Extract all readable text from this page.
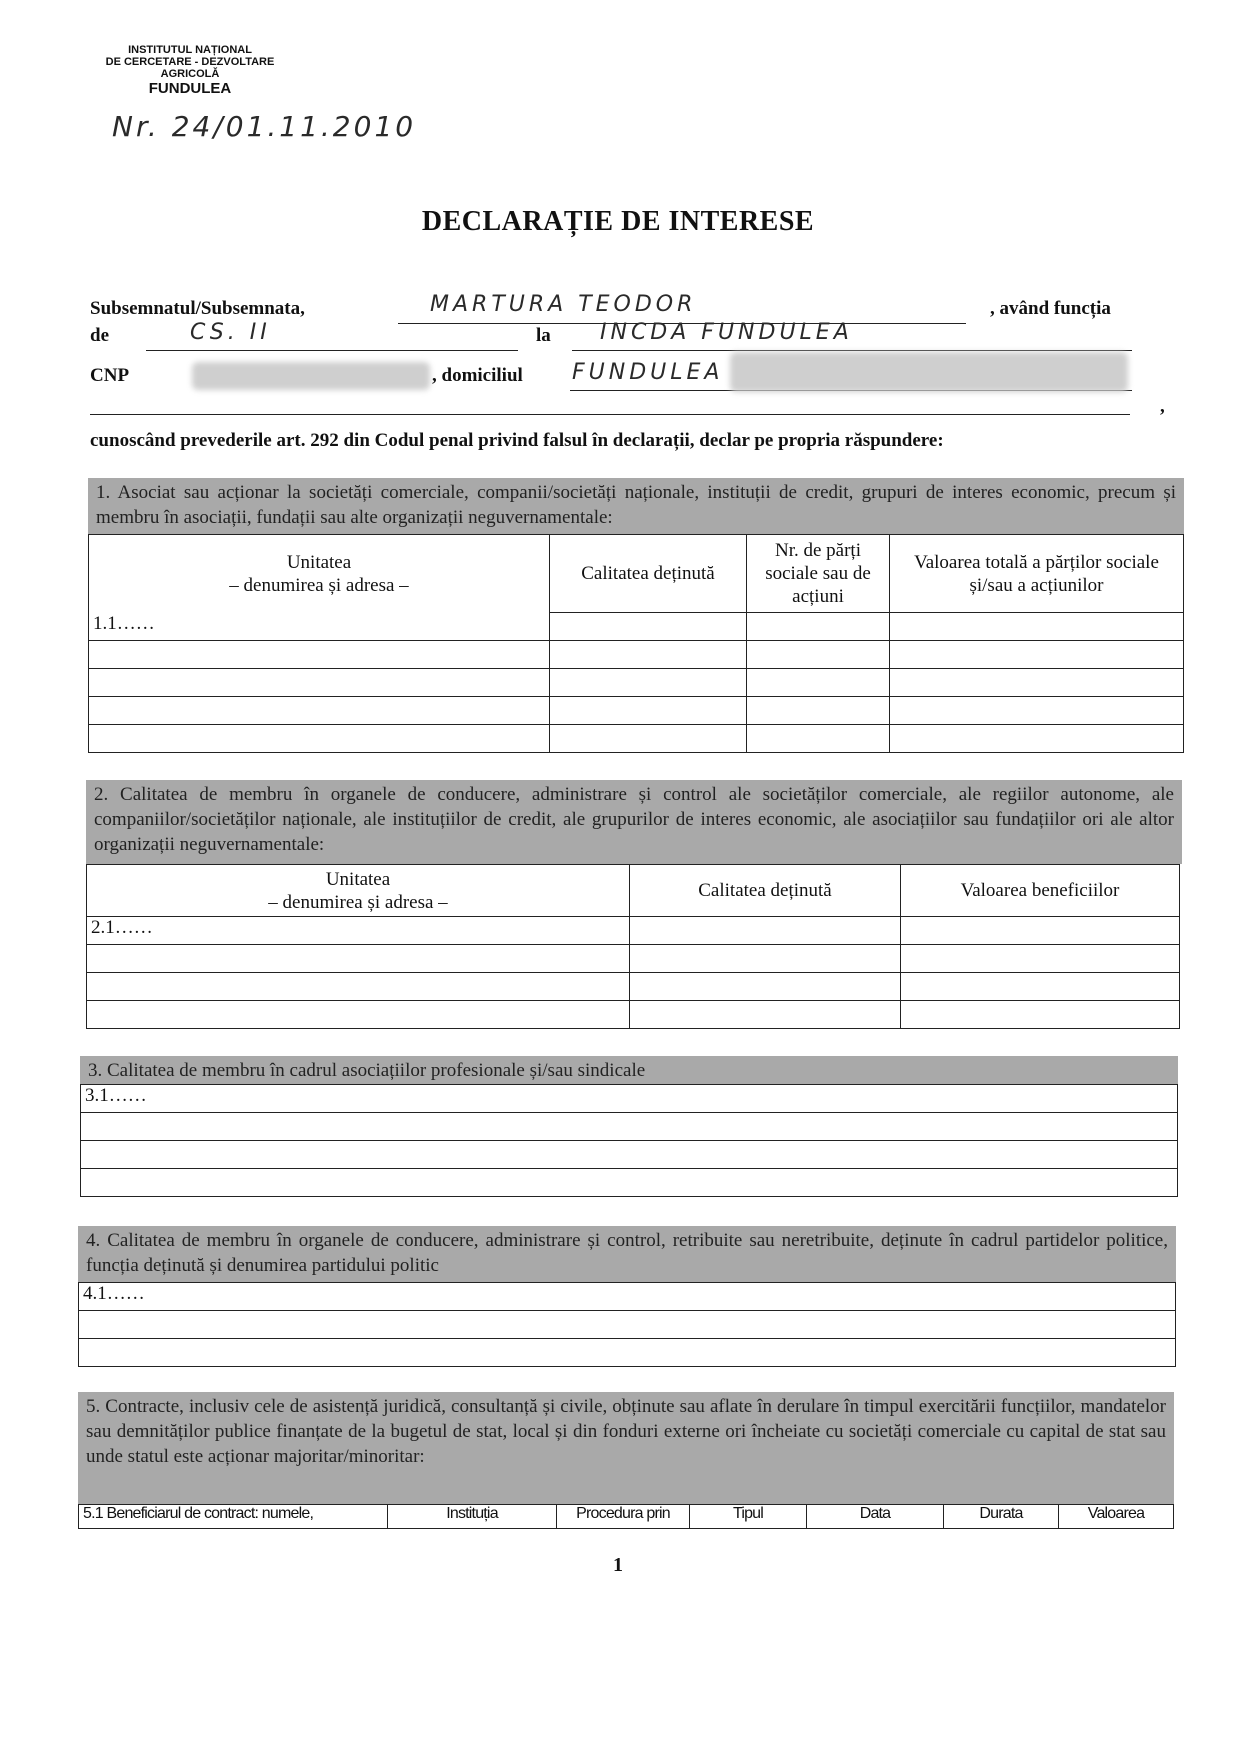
INSTITUTUL NAȚIONAL
DE CERCETARE - DEZVOLTARE
AGRICOLĂ
FUNDULEA
Nr. 24/01.11.2010
DECLARAȚIE DE INTERESE
Subsemnatul/Subsemnata,	MARTURA TEODOR	, având funcția
de	CS. II	la INCDA FUNDULEA
CNP	, domiciliul FUNDULEA
,
cunoscând prevederile art. 292 din Codul penal privind falsul în declarații, declar pe propria răspundere:
1. Asociat sau acționar la societăți comerciale, companii/societăți naționale, instituții de credit, grupuri de interes economic, precum și membru în asociații, fundații sau alte organizații neguvernamentale:
Unitatea
– denumirea și adresa –	Calitatea deținută	Nr. de părți sociale sau de acțiuni	Valoarea totală a părților sociale și/sau a acțiunilor
1.1……			

2. Calitatea de membru în organele de conducere, administrare și control ale societăților comerciale, ale regiilor autonome, ale companiilor/societăților naționale, ale instituțiilor de credit, ale grupurilor de interes economic, ale asociațiilor sau fundațiilor ori ale altor organizații neguvernamentale:
Unitatea
– denumirea și adresa –	Calitatea deținută	Valoarea beneficiilor
2.1……		

3. Calitatea de membru în cadrul asociațiilor profesionale și/sau sindicale
3.1……

4. Calitatea de membru în organele de conducere, administrare și control, retribuite sau neretribuite, deținute în cadrul partidelor politice, funcția deținută și denumirea partidului politic
4.1……

5. Contracte, inclusiv cele de asistență juridică, consultanță și civile, obținute sau aflate în derulare în timpul exercitării funcțiilor, mandatelor sau demnităților publice finanțate de la bugetul de stat, local și din fonduri externe ori încheiate cu societăți comerciale cu capital de stat sau unde statul este acționar majoritar/minoritar:
5.1 Beneficiarul de contract: numele,	Instituția	Procedura prin	Tipul	Data	Durata	Valoarea
1
